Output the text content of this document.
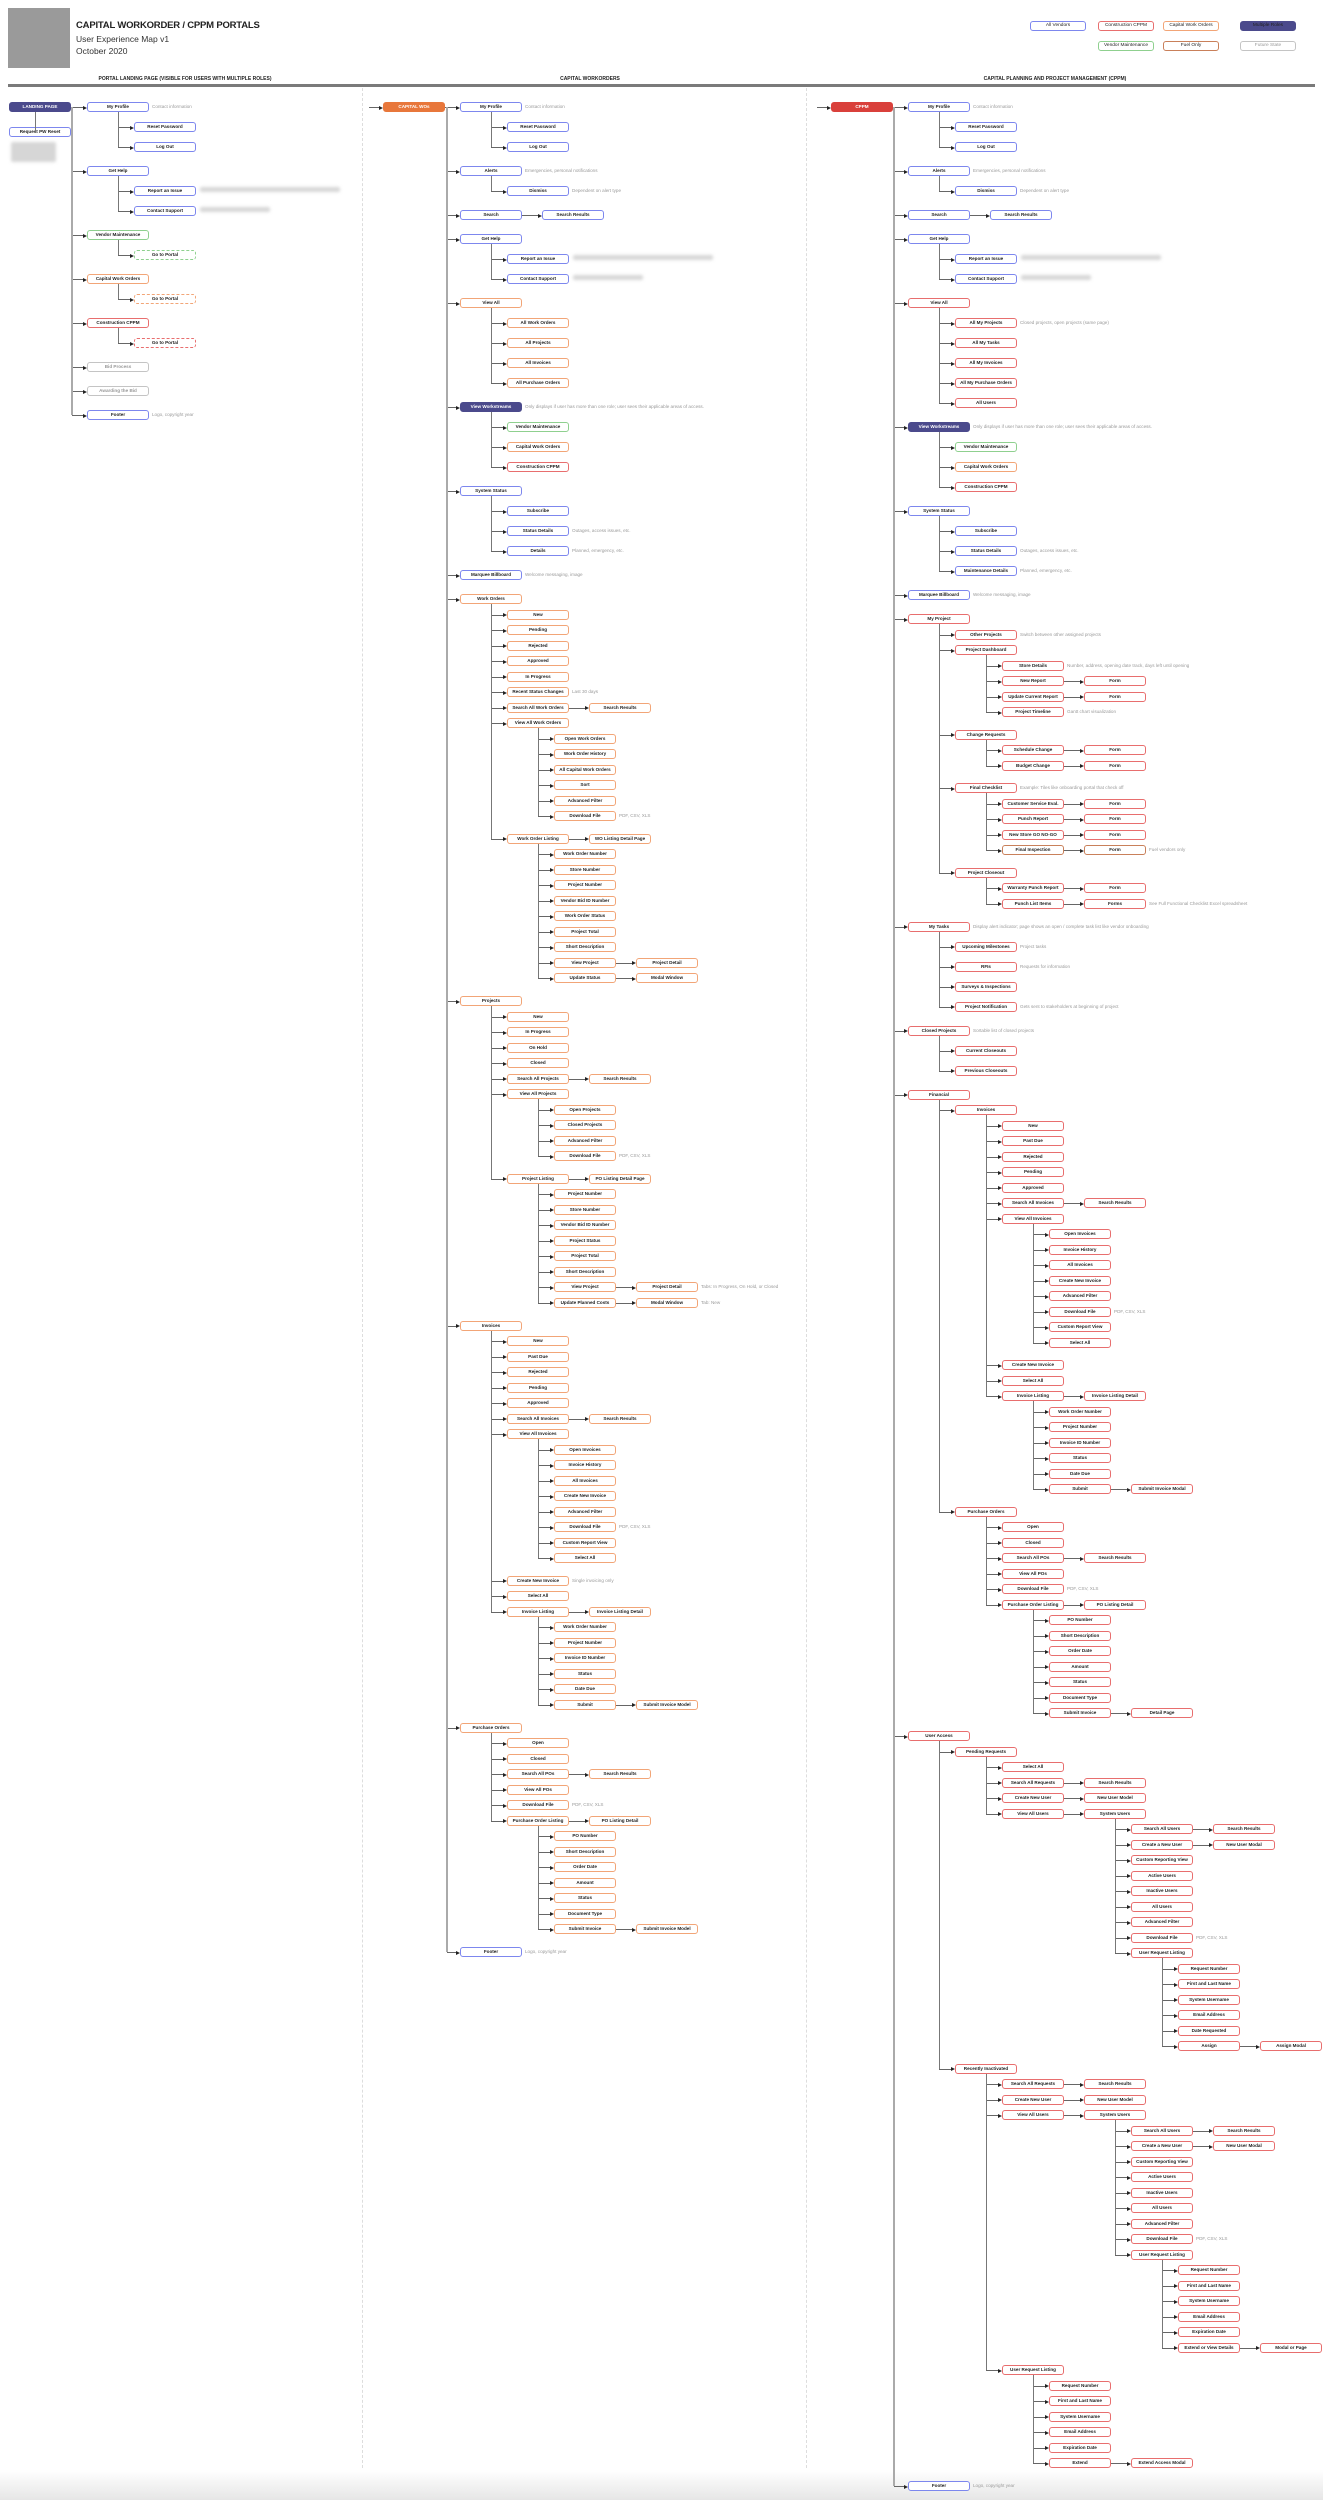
CAPITAL WORKORDER / CPPM PORTALS
User Experience Map v1
October 2020
All Vendors	Construction CPPM	Capital Work Orders	Multiple Roles
Vendor Maintenance	Fuel Only	Future State
PORTAL LANDING PAGE (VISIBLE FOR USERS WITH MULTIPLE ROLES)	CAPITAL WORKORDERS	CAPITAL PLANNING AND PROJECT MANAGEMENT (CPPM)
LANDING PAGE
Request PW Reset
My Profile	Contact information
Reset Password
Log Out
Get Help
Report an Issue
Contact Support
Vendor Maintenance
Go to Portal
Capital Work Orders
Go to Portal
Construction CPPM
Go to Portal
Bid Process
Awarding the Bid
Footer	Logo, copyright year
CAPITAL WOs	My Profile	Contact information
Reset Password
Log Out
Alerts	Emergencies, personal notifications
Dismiss	Dependent on alert type
Search	Search Results
Get Help
Report an Issue
Contact Support
View All
All Work Orders
All Projects
All Invoices
All Purchase Orders
View Workstreams	Only displays if user has more than one role; user sees their applicable areas of access.
Vendor Maintenance
Capital Work Orders
Construction CPPM
System Status
Subscribe
Status Details	Outages, access issues, etc.
Details	Planned, emergency, etc.
Marquee Billboard	Welcome messaging, image
Work Orders
New
Pending
Rejected
Approved
In Progress
Recent Status Changes	Last 30 days
Search All Work Orders	Search Results
View All Work Orders
Open Work Orders
Work Order History
All Capital Work Orders
Sort
Advanced Filter
Download File	PDF, CSV, XLS
Work Order Listing	WO Listing Detail Page
Work Order Number
Store Number
Project Number
Vendor Bid ID Number
Work Order Status
Project Total
Short Description
View Project	Project Detail
Update Status	Modal Window
Projects
New
In Progress
On Hold
Closed
Search All Projects	Search Results
View All Projects
Open Projects
Closed Projects
Advanced Filter
Download File	PDF, CSV, XLS
Project Listing	PO Listing Detail Page
Project Number
Store Number
Vendor Bid ID Number
Project Status
Project Total
Short Description
View Project	Project Detail	Tabs: In Progress, On Hold, or Closed
Update Planned Costs	Modal Window	Tab: New
Invoices
New
Past Due
Rejected
Pending
Approved
Search All Invoices	Search Results
View All Invoices
Open Invoices
Invoice History
All Invoices
Create New Invoice
Advanced Filter
Download File	PDF, CSV, XLS
Custom Report View
Select All
Create New Invoice	Single invoicing only
Select All
Invoice Listing	Invoice Listing Detail
Work Order Number
Project Number
Invoice ID Number
Status
Date Due
Submit	Submit Invoice Model
Purchase Orders
Open
Closed
Search All POs	Search Results
View All POs
Download File	PDF, CSV, XLS
Purchase Order Listing	PO Listing Detail
PO Number
Short Description
Order Date
Amount
Status
Document Type
Submit Invoice	Submit Invoice Model
Footer	Logo, copyright year
CPPM	My Profile	Contact information
Reset Password
Log Out
Alerts	Emergencies, personal notifications
Dismiss	Dependent on alert type
Search	Search Results
Get Help
Report an Issue
Contact Support
View All
All My Projects	Closed projects, open projects (same page)
All My Tasks
All My Invoices
All My Purchase Orders
All Users
View Workstreams	Only displays if user has more than one role; user sees their applicable areas of access.
Vendor Maintenance
Capital Work Orders
Construction CPPM
System Status
Subscribe
Status Details	Outages, access issues, etc.
Maintenance Details	Planned, emergency, etc.
Marquee Billboard	Welcome messaging, image
My Project
Other Projects	Switch between other assigned projects
Project Dashboard
Store Details	Number, address, opening date track, days left until opening
New Report	Form
Update Current Report	Form
Project Timeline	Gantt chart visualization
Change Requests
Schedule Change	Form
Budget Change	Form
Final Checklist	Example: Tiles like onboarding portal that check off
Customer Service Eval.	Form
Punch Report	Form
New Store GO NO-GO	Form
Final Inspection	Form	Fuel vendors only
Project Closeout
Warranty Punch Report	Form
Punch List Items	Forms	See Full Functional Checklist Excel spreadsheet
My Tasks	Display alert indicator; page shows an open / complete task list like vendor onboarding
Upcoming Milestones	Project tasks
RFIs	Requests for information
Surveys & Inspections
Project Notification	Gets sent to stakeholders at beginning of project
Closed Projects	Sortable list of closed projects
Current Closeouts
Previous Closeouts
Financial
Invoices
New
Past Due
Rejected
Pending
Approved
Search All Invoices	Search Results
View All Invoices
Open Invoices
Invoice History
All Invoices
Create New Invoice
Advanced Filter
Download File	PDF, CSV, XLS
Custom Report View
Select All
Create New Invoice
Select All
Invoice Listing	Invoice Listing Detail
Work Order Number
Project Number
Invoice ID Number
Status
Date Due
Submit	Submit Invoice Modal
Purchase Orders
Open
Closed
Search All POs	Search Results
View All POs
Download File	PDF, CSV, XLS
Purchase Order Listing	PO Listing Detail
PO Number
Short Description
Order Date
Amount
Status
Document Type
Submit Invoice	Detail Page
User Access
Pending Requests
Select All
Search All Requests	Search Results
Create New User	New User Model
View All Users	System Users
Search All Users	Search Results
Create a New User	New User Modal
Custom Reporting View
Active Users
Inactive Users
All Users
Advanced Filter
Download File	PDF, CSV, XLS
User Request Listing
Request Number
First and Last Name
System Username
Email Address
Date Requested
Assign	Assign Modal
Recently Inactivated
Search All Requests	Search Results
Create New User	New User Model
View All Users	System Users
Search All Users	Search Results
Create a New User	New User Modal
Custom Reporting View
Active Users
Inactive Users
All Users
Advanced Filter
Download File	PDF, CSV, XLS
User Request Listing
Request Number
First and Last Name
System Username
Email Address
Expiration Date
Extend or View Details	Modal or Page
User Request Listing
Request Number
First and Last Name
System Username
Email Address
Expiration Date
Extend	Extend Access Modal
Footer	Logo, copyright year
